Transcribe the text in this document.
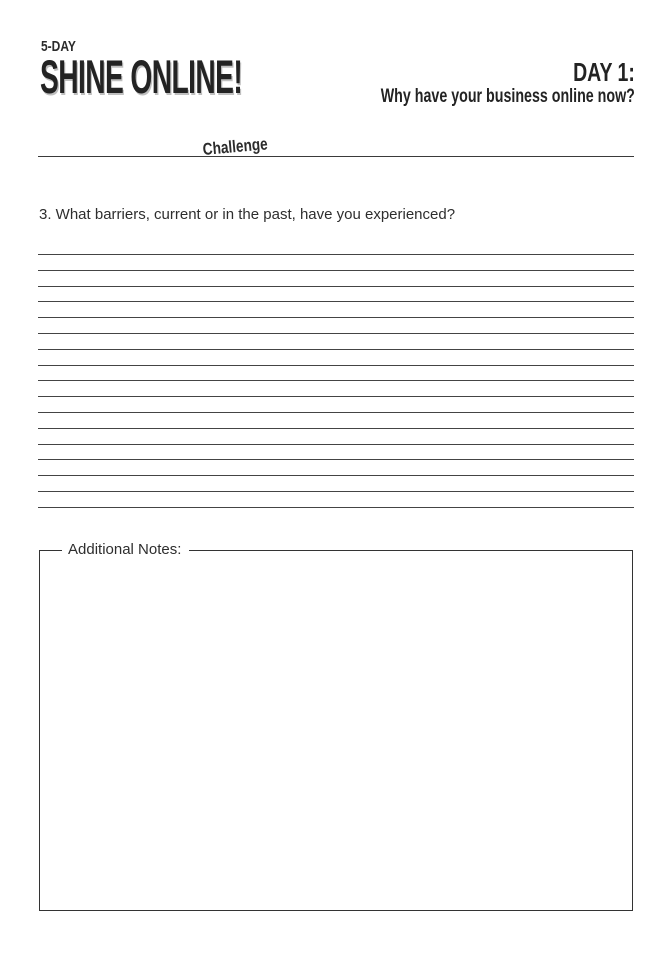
5-DAY
SHINE ONLINE!
Challenge
DAY 1:
Why have your business online now?
3. What barriers, current or in the past, have you experienced?
Additional Notes:
